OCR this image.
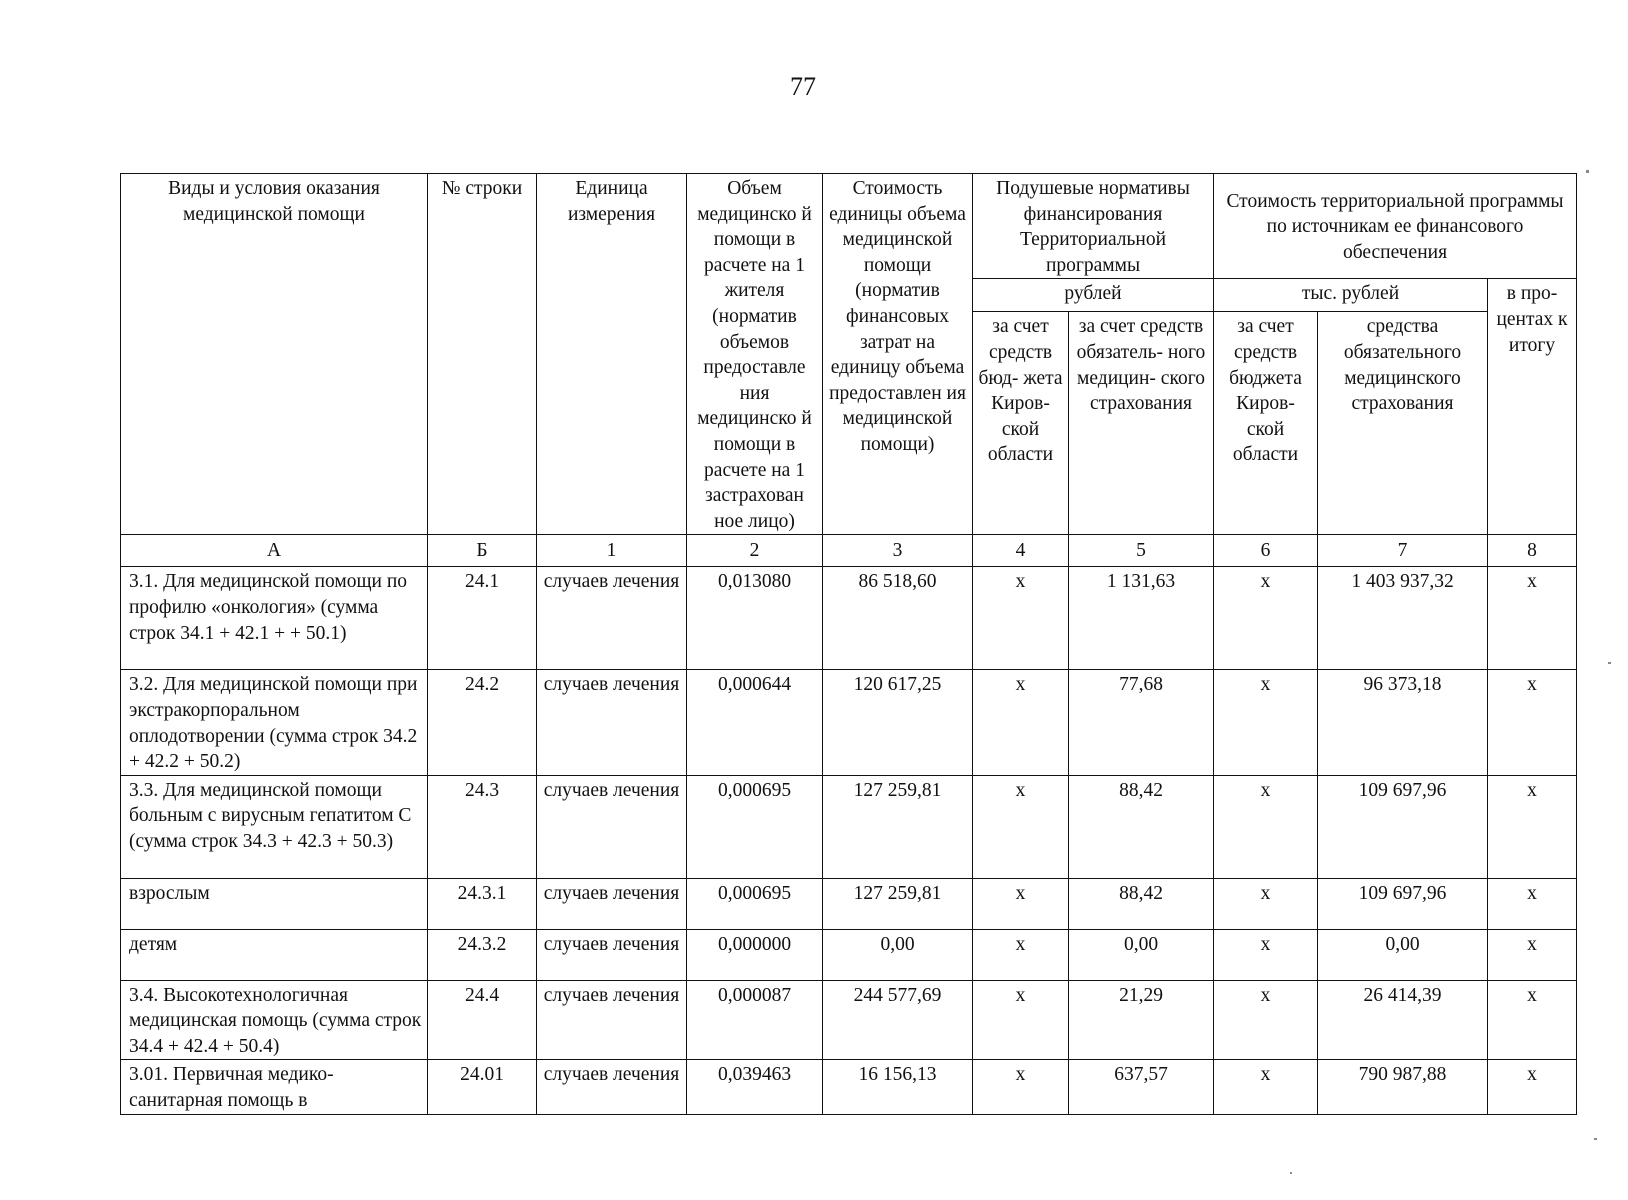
77
Виды и условия оказания медицинской помощи	№ строки	Единица измерения	Объем медицинско й помощи в расчете на 1 жителя (норматив объемов предоставле ния медицинско й помощи в расчете на 1 застрахован ное лицо)	Стоимость единицы объема медицинской помощи (норматив финансовых затрат на единицу объема предоставлен ия медицинской помощи)	Подушевые нормативы финансирования Территориальной программы		Стоимость территориальной программы по источникам ее финансового обеспечения		
					рублей		тыс. рублей		в про- центах к итогу
					за счет средств бюд- жета Киров- ской области	за счет средств обязатель- ного медицин- ского страхования	за счет средств бюджета Киров- ской области	средства обязательного медицинского страхования	
А	Б	1	2	3	4	5	6	7	8
3.1. Для медицинской помощи по профилю «онкология» (сумма строк 34.1 + 42.1 + + 50.1)	24.1	случаев лечения	0,013080	86 518,60	х	1 131,63	х	1 403 937,32	х
3.2. Для медицинской помощи при экстракорпоральном оплодотворении (сумма строк 34.2 + 42.2 + 50.2)	24.2	случаев лечения	0,000644	120 617,25	х	77,68	х	96 373,18	х
3.3. Для медицинской помощи больным с вирусным гепатитом С (сумма строк 34.3 + 42.3 + 50.3)	24.3	случаев лечения	0,000695	127 259,81	х	88,42	х	109 697,96	х
взрослым	24.3.1	случаев лечения	0,000695	127 259,81	х	88,42	х	109 697,96	х
детям	24.3.2	случаев лечения	0,000000	0,00	х	0,00	х	0,00	х
3.4. Высокотехнологичная медицинская помощь (сумма строк 34.4 + 42.4 + 50.4)	24.4	случаев лечения	0,000087	244 577,69	х	21,29	х	26 414,39	х
3.01. Первичная медико-санитарная помощь в	24.01	случаев лечения	0,039463	16 156,13	х	637,57	х	790 987,88	х
